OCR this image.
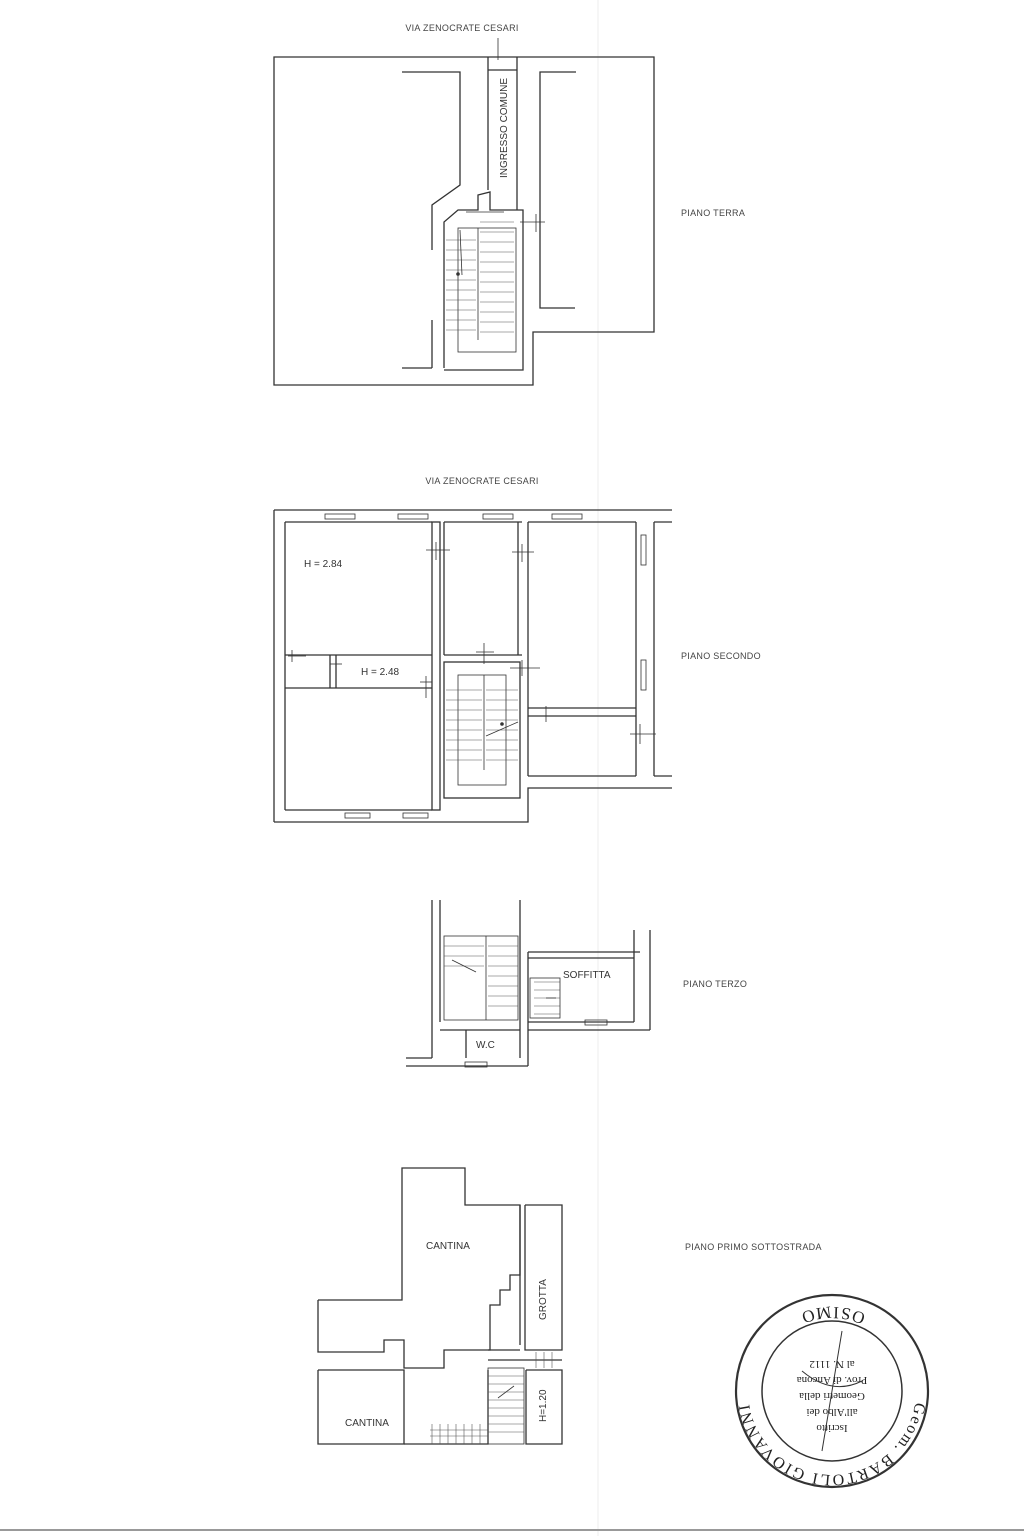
VIA ZENOCRATE CESARI
INGRESSO COMUNE
PIANO TERRA
VIA ZENOCRATE CESARI
H = 2.84
H = 2.48
PIANO SECONDO
SOFFITTA
W.C
PIANO TERZO
CANTINA
GROTTA
CANTINA
H=1.20
PIANO PRIMO SOTTOSTRADA
Geom. BARTOLI GIOVANNI
OSIMO
Iscritto
all'Albo dei
Geometri della
Prov. di Ancona
al N. 1112
